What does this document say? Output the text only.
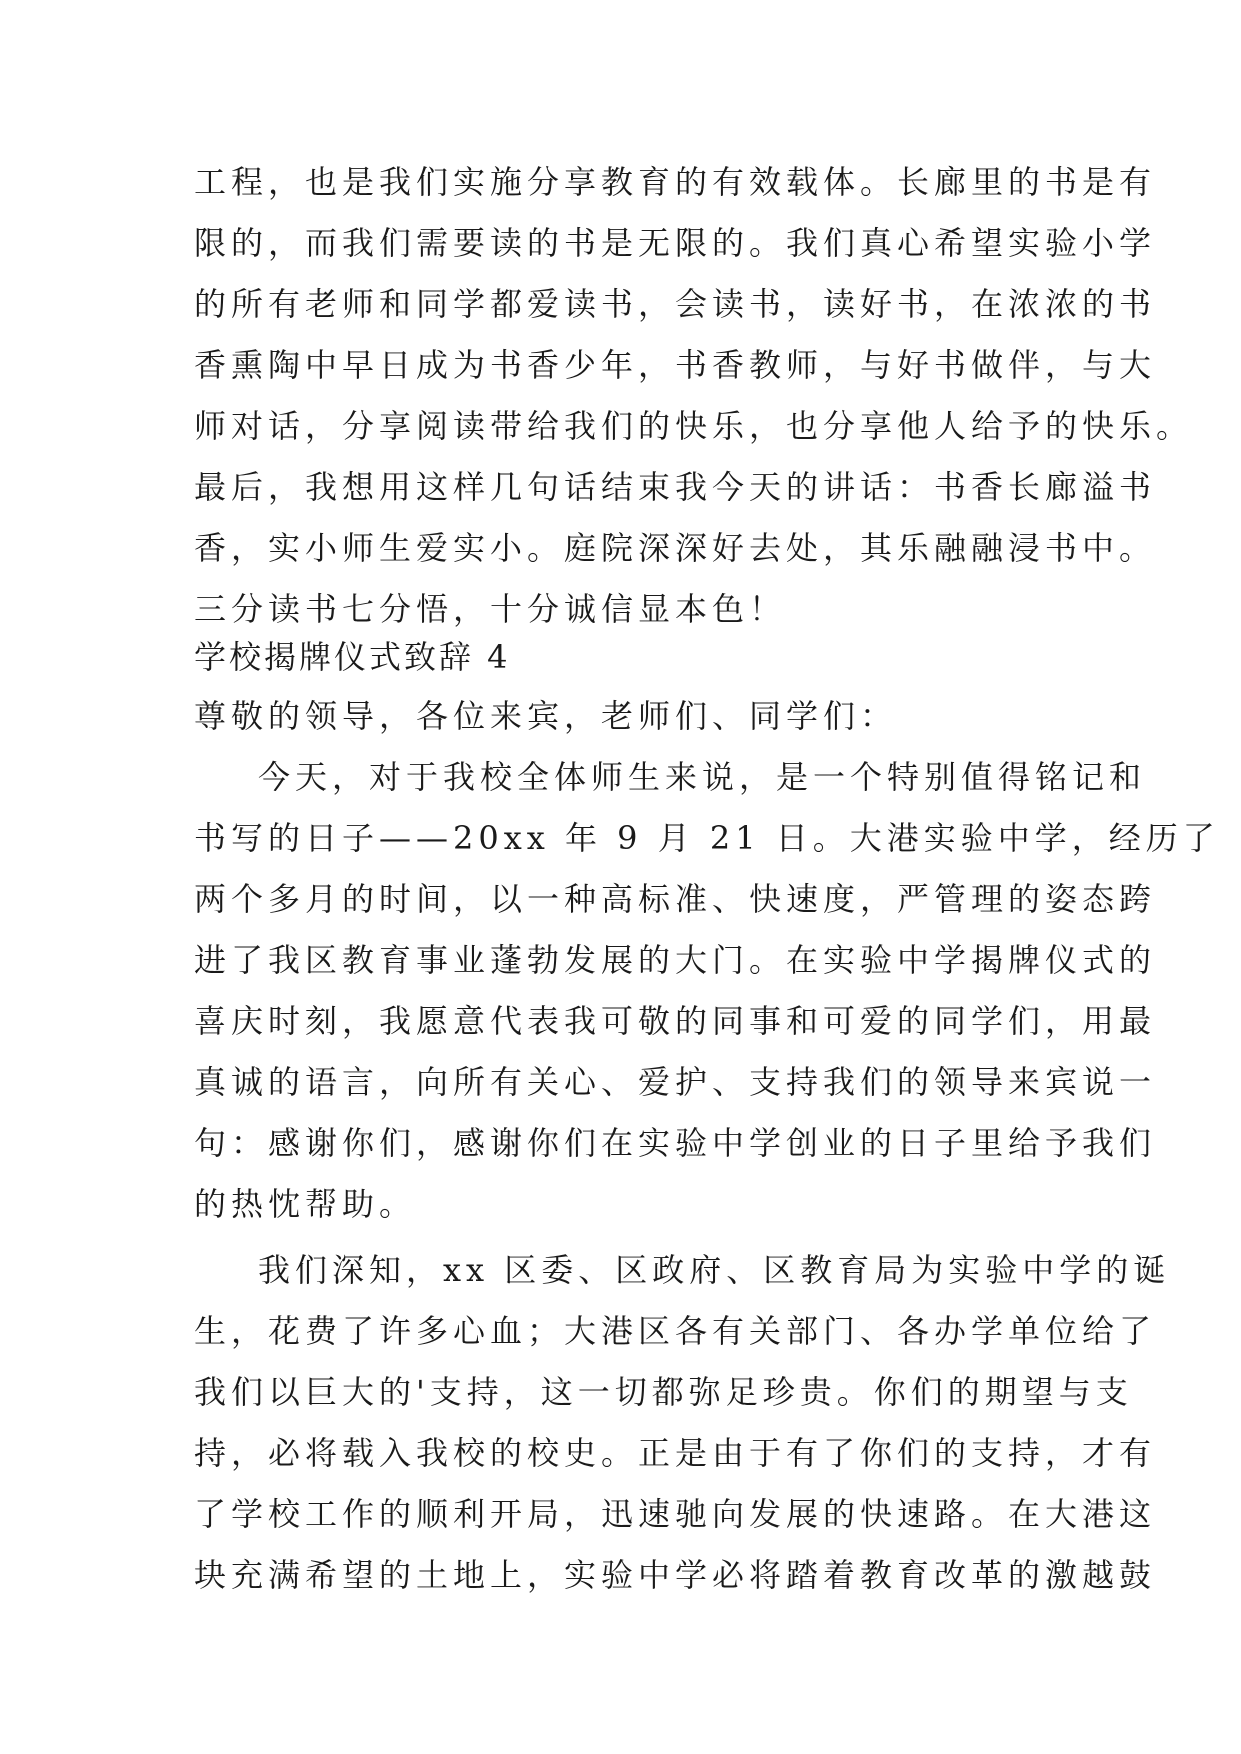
工程，也是我们实施分享教育的有效载体。长廊里的书是有
限的，而我们需要读的书是无限的。我们真心希望实验小学
的所有老师和同学都爱读书，会读书，读好书，在浓浓的书
香熏陶中早日成为书香少年，书香教师，与好书做伴，与大
师对话，分享阅读带给我们的快乐，也分享他人给予的快乐。
最后，我想用这样几句话结束我今天的讲话：书香长廊溢书
香，实小师生爱实小。庭院深深好去处，其乐融融浸书中。
三分读书七分悟，十分诚信显本色！
学校揭牌仪式致辞 4
尊敬的领导，各位来宾，老师们、同学们：
今天，对于我校全体师生来说，是一个特别值得铭记和
书写的日子——20xx 年 9 月 21 日。大港实验中学，经历了
两个多月的时间，以一种高标准、快速度，严管理的姿态跨
进了我区教育事业蓬勃发展的大门。在实验中学揭牌仪式的
喜庆时刻，我愿意代表我可敬的同事和可爱的同学们，用最
真诚的语言，向所有关心、爱护、支持我们的领导来宾说一
句：感谢你们，感谢你们在实验中学创业的日子里给予我们
的热忱帮助。
我们深知，xx 区委、区政府、区教育局为实验中学的诞
生，花费了许多心血；大港区各有关部门、各办学单位给了
我们以巨大的'支持，这一切都弥足珍贵。你们的期望与支
持，必将载入我校的校史。正是由于有了你们的支持，才有
了学校工作的顺利开局，迅速驰向发展的快速路。在大港这
块充满希望的土地上，实验中学必将踏着教育改革的激越鼓
